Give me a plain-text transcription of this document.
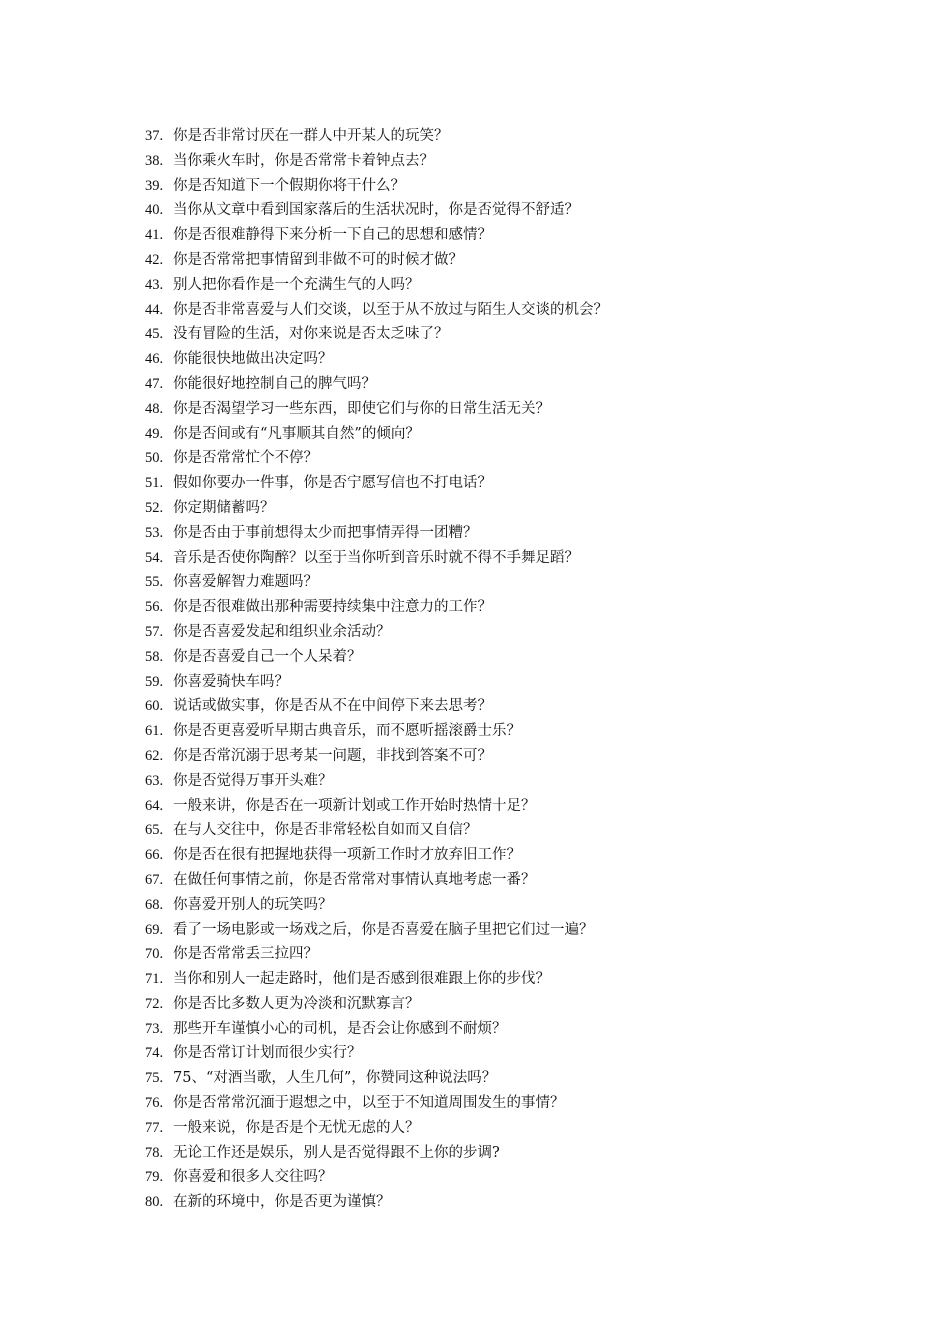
37. 你是否非常讨厌在一群人中开某人的玩笑？
38. 当你乘火车时，你是否常常卡着钟点去？
39. 你是否知道下一个假期你将干什么？
40. 当你从文章中看到国家落后的生活状况时，你是否觉得不舒适？
41. 你是否很难静得下来分析一下自己的思想和感情？
42. 你是否常常把事情留到非做不可的时候才做？
43. 别人把你看作是一个充满生气的人吗？
44. 你是否非常喜爱与人们交谈，以至于从不放过与陌生人交谈的机会？
45. 没有冒险的生活，对你来说是否太乏味了？
46. 你能很快地做出决定吗？
47. 你能很好地控制自己的脾气吗？
48. 你是否渴望学习一些东西，即使它们与你的日常生活无关？
49. 你是否间或有“凡事顺其自然”的倾向？
50. 你是否常常忙个不停？
51. 假如你要办一件事，你是否宁愿写信也不打电话？
52. 你定期储蓄吗？
53. 你是否由于事前想得太少而把事情弄得一团糟？
54. 音乐是否使你陶醉？以至于当你听到音乐时就不得不手舞足蹈？
55. 你喜爱解智力难题吗？
56. 你是否很难做出那种需要持续集中注意力的工作？
57. 你是否喜爱发起和组织业余活动？
58. 你是否喜爱自己一个人呆着？
59. 你喜爱骑快车吗？
60. 说话或做实事，你是否从不在中间停下来去思考？
61. 你是否更喜爱听早期古典音乐，而不愿听摇滚爵士乐？
62. 你是否常沉溺于思考某一问题，非找到答案不可？
63. 你是否觉得万事开头难？
64. 一般来讲，你是否在一项新计划或工作开始时热情十足？
65. 在与人交往中，你是否非常轻松自如而又自信？
66. 你是否在很有把握地获得一项新工作时才放弃旧工作？
67. 在做任何事情之前，你是否常常对事情认真地考虑一番？
68. 你喜爱开别人的玩笑吗？
69. 看了一场电影或一场戏之后，你是否喜爱在脑子里把它们过一遍？
70. 你是否常常丢三拉四？
71. 当你和别人一起走路时，他们是否感到很难跟上你的步伐？
72. 你是否比多数人更为冷淡和沉默寡言？
73. 那些开车谨慎小心的司机，是否会让你感到不耐烦？
74. 你是否常订计划而很少实行？
75. 75、“对酒当歌，人生几何”，你赞同这种说法吗？
76. 你是否常常沉湎于遐想之中，以至于不知道周围发生的事情？
77. 一般来说，你是否是个无忧无虑的人？
78. 无论工作还是娱乐，别人是否觉得跟不上你的步调?
79. 你喜爱和很多人交往吗？
80. 在新的环境中，你是否更为谨慎？
